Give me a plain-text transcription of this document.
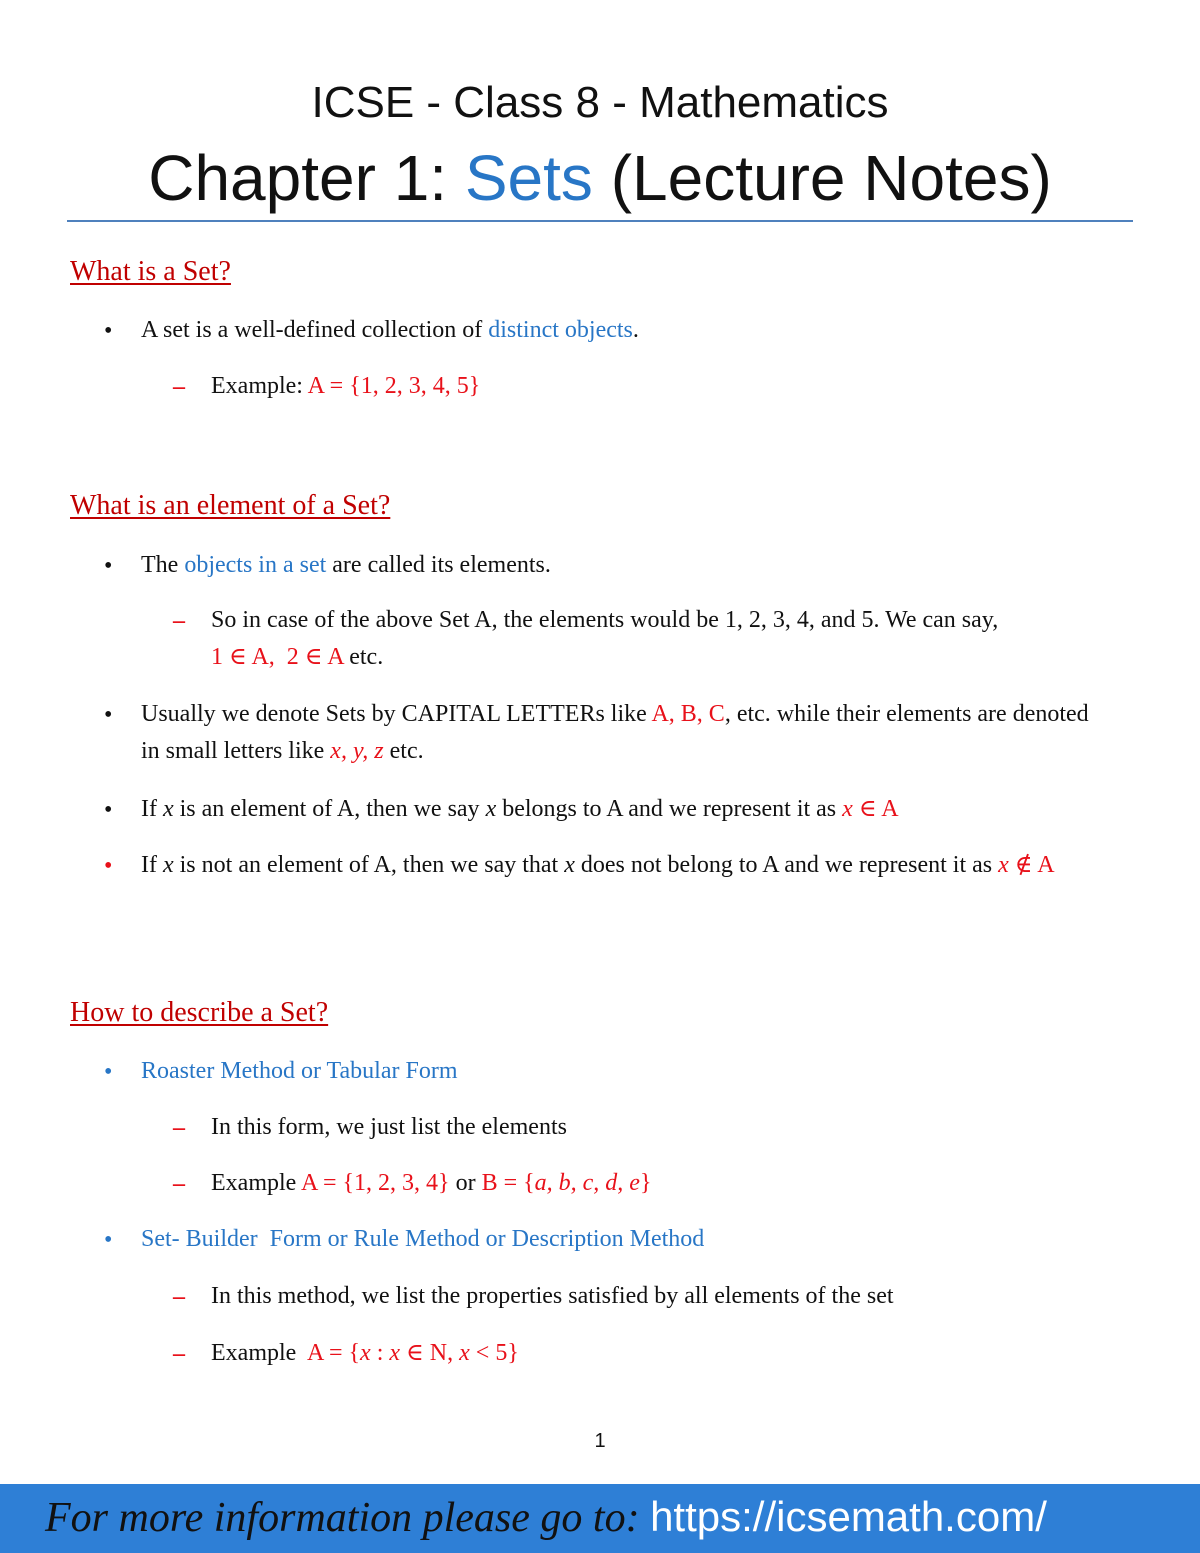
ICSE - Class 8 - Mathematics
Chapter 1: Sets (Lecture Notes)
What is a Set?
• A set is a well-defined collection of distinct objects.
– Example: A = {1, 2, 3, 4, 5}
What is an element of a Set?
• The objects in a set are called its elements.
– So in case of the above Set A, the elements would be 1, 2, 3, 4, and 5. We can say,
1 ∈ A, 2 ∈ A etc.
• Usually we denote Sets by CAPITAL LETTERs like A, B, C, etc. while their elements are denoted in small letters like x, y, z etc.
• If x is an element of A, then we say x belongs to A and we represent it as x ∈ A
• If x is not an element of A, then we say that x does not belong to A and we represent it as x ∉ A
How to describe a Set?
• Roaster Method or Tabular Form
– In this form, we just list the elements
– Example A = {1, 2, 3, 4} or B = {a, b, c, d, e}
• Set- Builder  Form or Rule Method or Description Method
– In this method, we list the properties satisfied by all elements of the set
– Example  A = {x : x ∈ N, x < 5}
1
For more information please go to: https://icsemath.com/
